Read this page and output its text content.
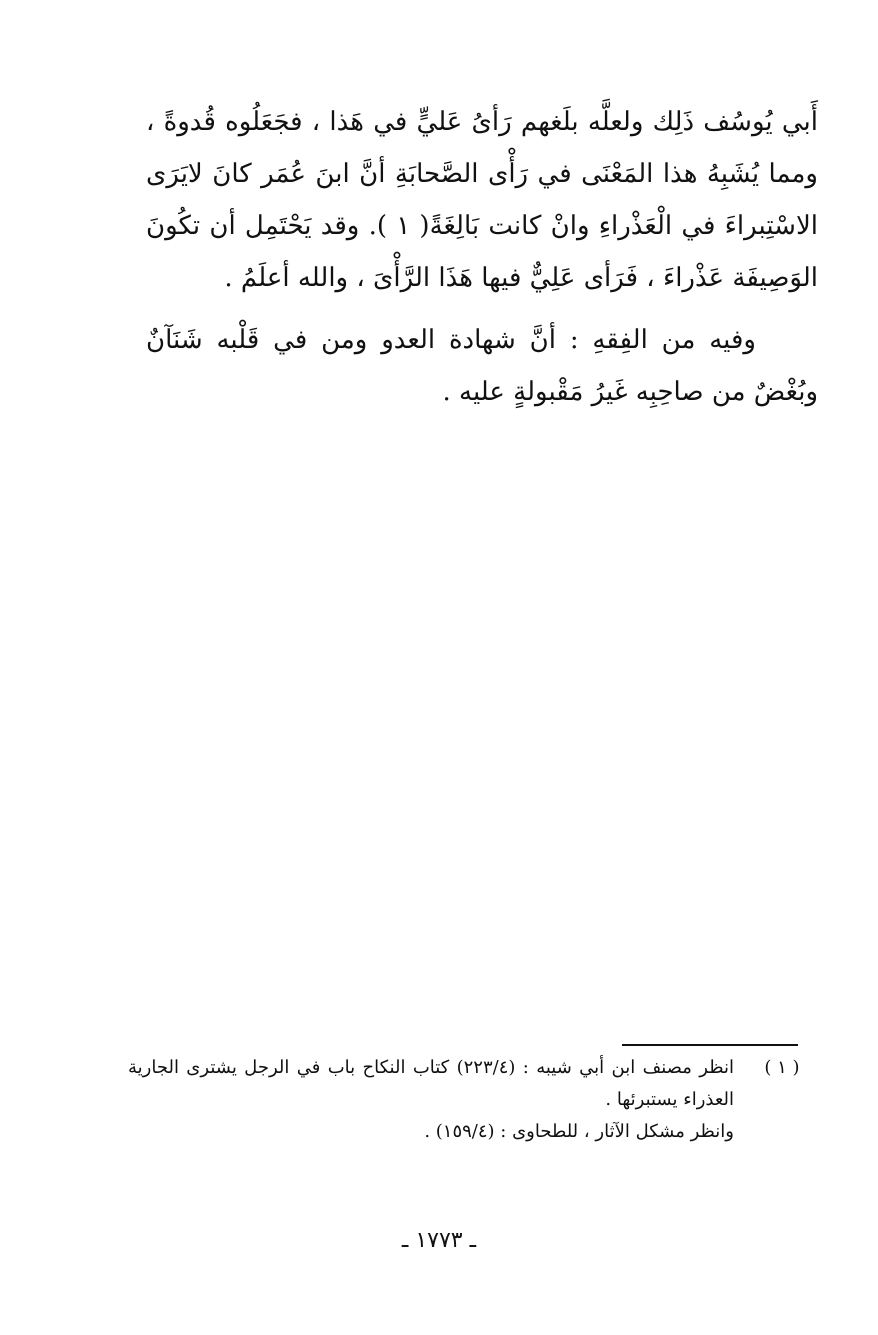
أَبي يُوسُف ذَلِك ولعلَّه بلَغهم رَأىُ عَليٍّ في هَذا ، فجَعَلُوه قُدوةً ، ومما يُشَبِهُ هذا المَعْنَى في رَأْى الصَّحابَةِ أنَّ ابنَ عُمَر كانَ لايَرَى الاسْتِبراءَ في الْعَذْراءِ وانْ كانت بَالِغَةً( ١ ). وقد يَحْتَمِل أن تكُونَ الوَصِيفَة عَذْراءَ ، فَرَأى عَلِيٌّ فيها هَذَا الرَّأْىَ ، والله أعلَمُ .

وفيه من الفِقهِ : أنَّ شهادة العدو ومن في قَلْبه شَنَآنٌ وبُغْضٌ من صاحِبِه غَيرُ مَقْبولةٍ عليه .

( ١ )
انظر مصنف ابن أبي شيبه : (٢٢٣/٤) كتاب النكاح باب في الرجل يشترى الجارية العذراء يستبرئها .

وانظر مشكل الآثار ، للطحاوى : (١٥٩/٤) .

ـ ١٧٧٣ ـ
